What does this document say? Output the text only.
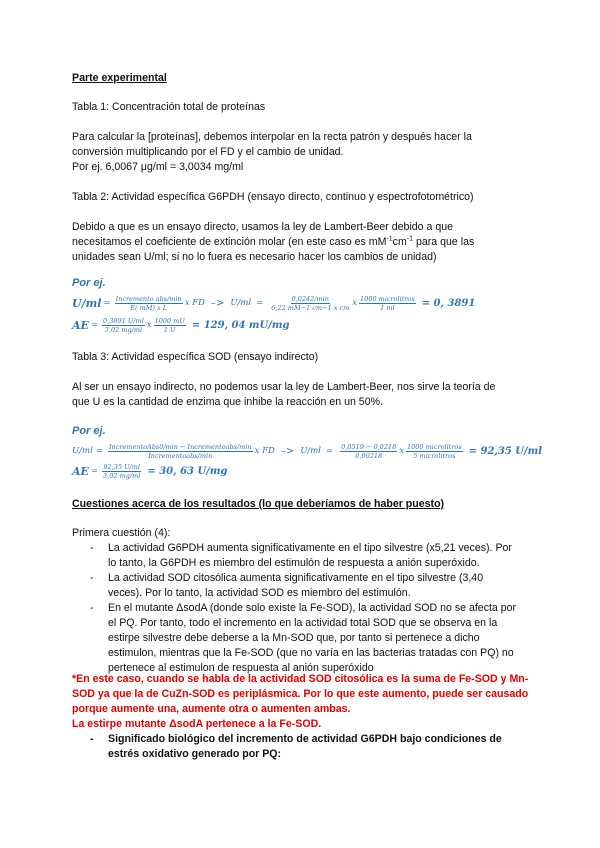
Parte experimental

Tabla 1: Concentración total de proteínas

Para calcular la [proteínas], debemos interpolar en la recta patrón y después hacer la
conversión multiplicando por el FD y el cambio de unidad.
Por ej. 6,0067 μg/ml = 3,0034 mg/ml

Tabla 2: Actividad específica G6PDH (ensayo directo, continuo y espectrofotométrico)

Debido a que es un ensayo directo, usamos la ley de Lambert-Beer debido a que
necesitamos el coeficiente de extinción molar (en este caso es $mM^{-1}cm^{-1}$ para que las
unidades sean U/ml; si no lo fuera es necesario hacer los cambios de unidad)
Por ej.
$U/ml = \frac{\text{Incremento abs/min}}{\text{E( mM) x L}}$ x FD –> $U/ml = \frac{0,0242/\min}{\text{6,22 mM−1 cm−1 x cm}}$ x $\frac{\text{1000 microlitros}}{1 ml} = 0$, 3891
AE = $\frac{0,3891 U/ml}{3,02 mg/ml}$ x $\frac{1000 mU}{1 U} = 129$, 04 mU/mg

Tabla 3: Actividad específica SOD (ensayo indirecto)

Al ser un ensayo indirecto, no podemos usar la ley de Lambert-Beer, nos sirve la teoría de
que U es la cantidad de enzima que inhibe la reacción en un 50%.
Por ej.
$U/ml = \frac{\text{IncrementoAbs0/min − Incrementoabs/min}}{\text{Incrementoabs/min}}$ x FD –> $U/ml = \frac{0,0519 - 0,0218}{0,00218}$ x $\frac{\text{1000 microlitros}}{\text{5 microlitros}} = 92,35$ U/ml
AE = $\frac{92,35 U/ml}{3,02 mg/ml} = 30$, 63 U/mg

Cuestiones acerca de los resultados (lo que deberíamos de haber puesto)

Primera cuestión (4):

- La actividad G6PDH aumenta significativamente en el tipo silvestre (x5,21 veces). Por lo tanto, la G6PDH es miembro del estimulón de respuesta a anión superóxido.
- La actividad SOD citosólica aumenta significativamente en el tipo silvestre (3,40 veces). Por lo tanto, la actividad SOD es miembro del estimulón.
- En el mutante ΔsodA (donde solo existe la Fe-SOD), la actividad SOD no se afecta por el PQ. Por tanto, todo el incremento en la actividad total SOD que se observa en la estirpe silvestre debe deberse a la Mn-SOD que, por tanto si pertenece a dicho estimulon, mientras que la Fe-SOD (que no varía en las bacterias tratadas con PQ) no pertenece al estimulon de respuesta al anión superóxido
*En este caso, cuando se habla de la actividad SOD citosólica es la suma de Fe-SOD y Mn-SOD ya que la de CuZn-SOD es periplásmica. Por lo que este aumento, puede ser causado porque aumente una, aumente otra o aumenten ambas.
La estirpe mutante ΔsodA pertenece a la Fe-SOD.
- Significado biológico del incremento de actividad G6PDH bajo condiciones de estrés oxidativo generado por PQ:
